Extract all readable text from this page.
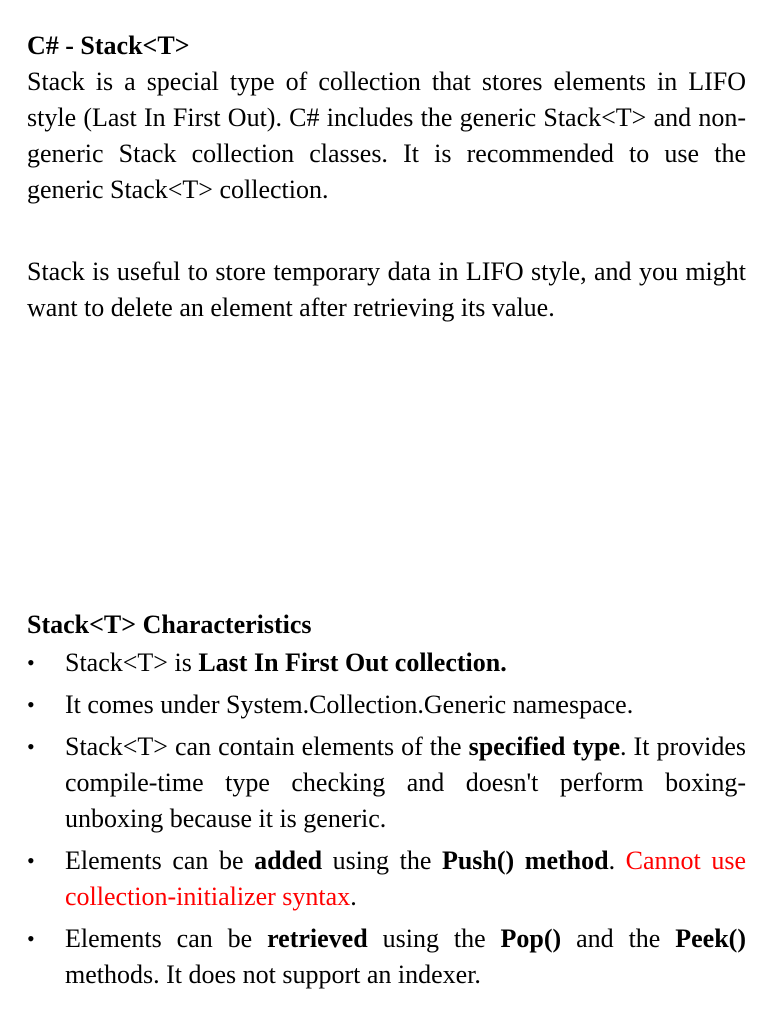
C# - Stack<T>

Stack is a special type of collection that stores elements in LIFO style (Last In First Out). C# includes the generic Stack<T> and non-generic Stack collection classes. It is recommended to use the generic Stack<T> collection.

Stack is useful to store temporary data in LIFO style, and you might want to delete an element after retrieving its value.

Stack<T> Characteristics

•	Stack<T> is Last In First Out collection.
•	It comes under System.Collection.Generic namespace.
•	Stack<T> can contain elements of the specified type. It provides compile-time type checking and doesn't perform boxing-unboxing because it is generic.
•	Elements can be added using the Push() method. Cannot use collection-initializer syntax.
•	Elements can be retrieved using the Pop() and the Peek() methods. It does not support an indexer.
